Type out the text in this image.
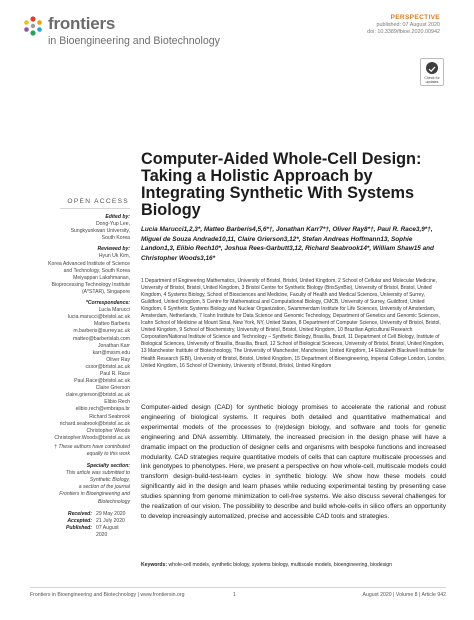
frontiers
in Bioengineering and Biotechnology
PERSPECTIVE
published: 07 August 2020
doi: 10.3389/fbioe.2020.00942
Check for updates
OPEN ACCESS
Edited by:
Dong-Yup Lee,
Sungkyunkwan University,
South Korea
Reviewed by:
Hyun Uk Kim,
Korea Advanced Institute of Science
and Technology, South Korea
Meiyappan Lakshmanan,
Bioprocessing Technology Institute
(A*STAR), Singapore
*Correspondence:
Lucia Marucci
lucia.marucci@bristol.ac.uk
Matteo Barberis
m.barberis@surrey.ac.uk
matteo@barberislab.com
Jonathan Karr
karr@mssm.edu
Oliver Ray
csxor@bristol.ac.uk
Paul R. Race
Paul.Race@bristol.ac.uk
Claire Grierson
claire.grierson@bristol.ac.uk
Elibio Rech
elibio.rech@embrapa.br
Richard Seabrook
richard.seabrook@bristol.ac.uk
Christopher Woods
Christopher.Woods@bristol.ac.uk
† These authors have contributed
equally to this work
Specialty section:
This article was submitted to
Synthetic Biology,
a section of the journal
Frontiers in Bioengineering and
Biotechnology
Received: 29 May 2020
Accepted: 21 July 2020
Published: 07 August 2020
Computer-Aided Whole-Cell Design: Taking a Holistic Approach by Integrating Synthetic With Systems Biology
Lucia Marucci1,2,3*, Matteo Barberis4,5,6*†, Jonathan Karr7*†, Oliver Ray8*†, Paul R. Race3,9*†, Miguel de Souza Andrade10,11, Claire Grierson3,12*, Stefan Andreas Hoffmann13, Sophie Landon1,3, Elibio Rech10*, Joshua Rees-Garbutt3,12, Richard Seabrook14*, William Shaw15 and Christopher Woods3,16*

1 Department of Engineering Mathematics, University of Bristol, Bristol, United Kingdom, 2 School of Cellular and Molecular Medicine, University of Bristol, Bristol, United Kingdom, 3 Bristol Centre for Synthetic Biology (BrisSynBio), University of Bristol, Bristol, United Kingdom, 4 Systems Biology, School of Biosciences and Medicine, Faculty of Health and Medical Sciences, University of Surrey, Guildford, United Kingdom, 5 Centre for Mathematical and Computational Biology, CMCB, University of Surrey, Guildford, United Kingdom, 6 Synthetic Systems Biology and Nuclear Organization, Swammerdam Institute for Life Sciences, University of Amsterdam, Amsterdam, Netherlands, 7 Icahn Institute for Data Science and Genomic Technology, Department of Genetics and Genomic Sciences, Icahn School of Medicine at Mount Sinai, New York, NY, United States, 8 Department of Computer Science, University of Bristol, Bristol, United Kingdom, 9 School of Biochemistry, University of Bristol, Bristol, United Kingdom, 10 Brazilian Agricultural Research Corporation/National Institute of Science and Technology – Synthetic Biology, Brasília, Brazil, 11 Department of Cell Biology, Institute of Biological Sciences, University of Brasília, Brasília, Brazil, 12 School of Biological Sciences, University of Bristol, Bristol, United Kingdom, 13 Manchester Institute of Biotechnology, The University of Manchester, Manchester, United Kingdom, 14 Elizabeth Blackwell Institute for Health Research (EBI), University of Bristol, Bristol, United Kingdom, 15 Department of Bioengineering, Imperial College London, London, United Kingdom, 16 School of Chemistry, University of Bristol, Bristol, United Kingdom

Computer-aided design (CAD) for synthetic biology promises to accelerate the rational and robust engineering of biological systems. It requires both detailed and quantitative mathematical and experimental models of the processes to (re)design biology, and software and tools for genetic engineering and DNA assembly. Ultimately, the increased precision in the design phase will have a dramatic impact on the production of designer cells and organisms with bespoke functions and increased modularity. CAD strategies require quantitative models of cells that can capture multiscale processes and link genotypes to phenotypes. Here, we present a perspective on how whole-cell, multiscale models could transform design-build-test-learn cycles in synthetic biology. We show how these models could significantly aid in the design and learn phases while reducing experimental testing by presenting case studies spanning from genome minimization to cell-free systems. We also discuss several challenges for the realization of our vision. The possibility to describe and build whole-cells in silico offers an opportunity to develop increasingly automatized, precise and accessible CAD tools and strategies.
Keywords: whole-cell models, synthetic biology, systems biology, multiscale models, bioengineering, biodesign
Frontiers in Bioengineering and Biotechnology | www.frontiersin.org	1	August 2020 | Volume 8 | Article 942
